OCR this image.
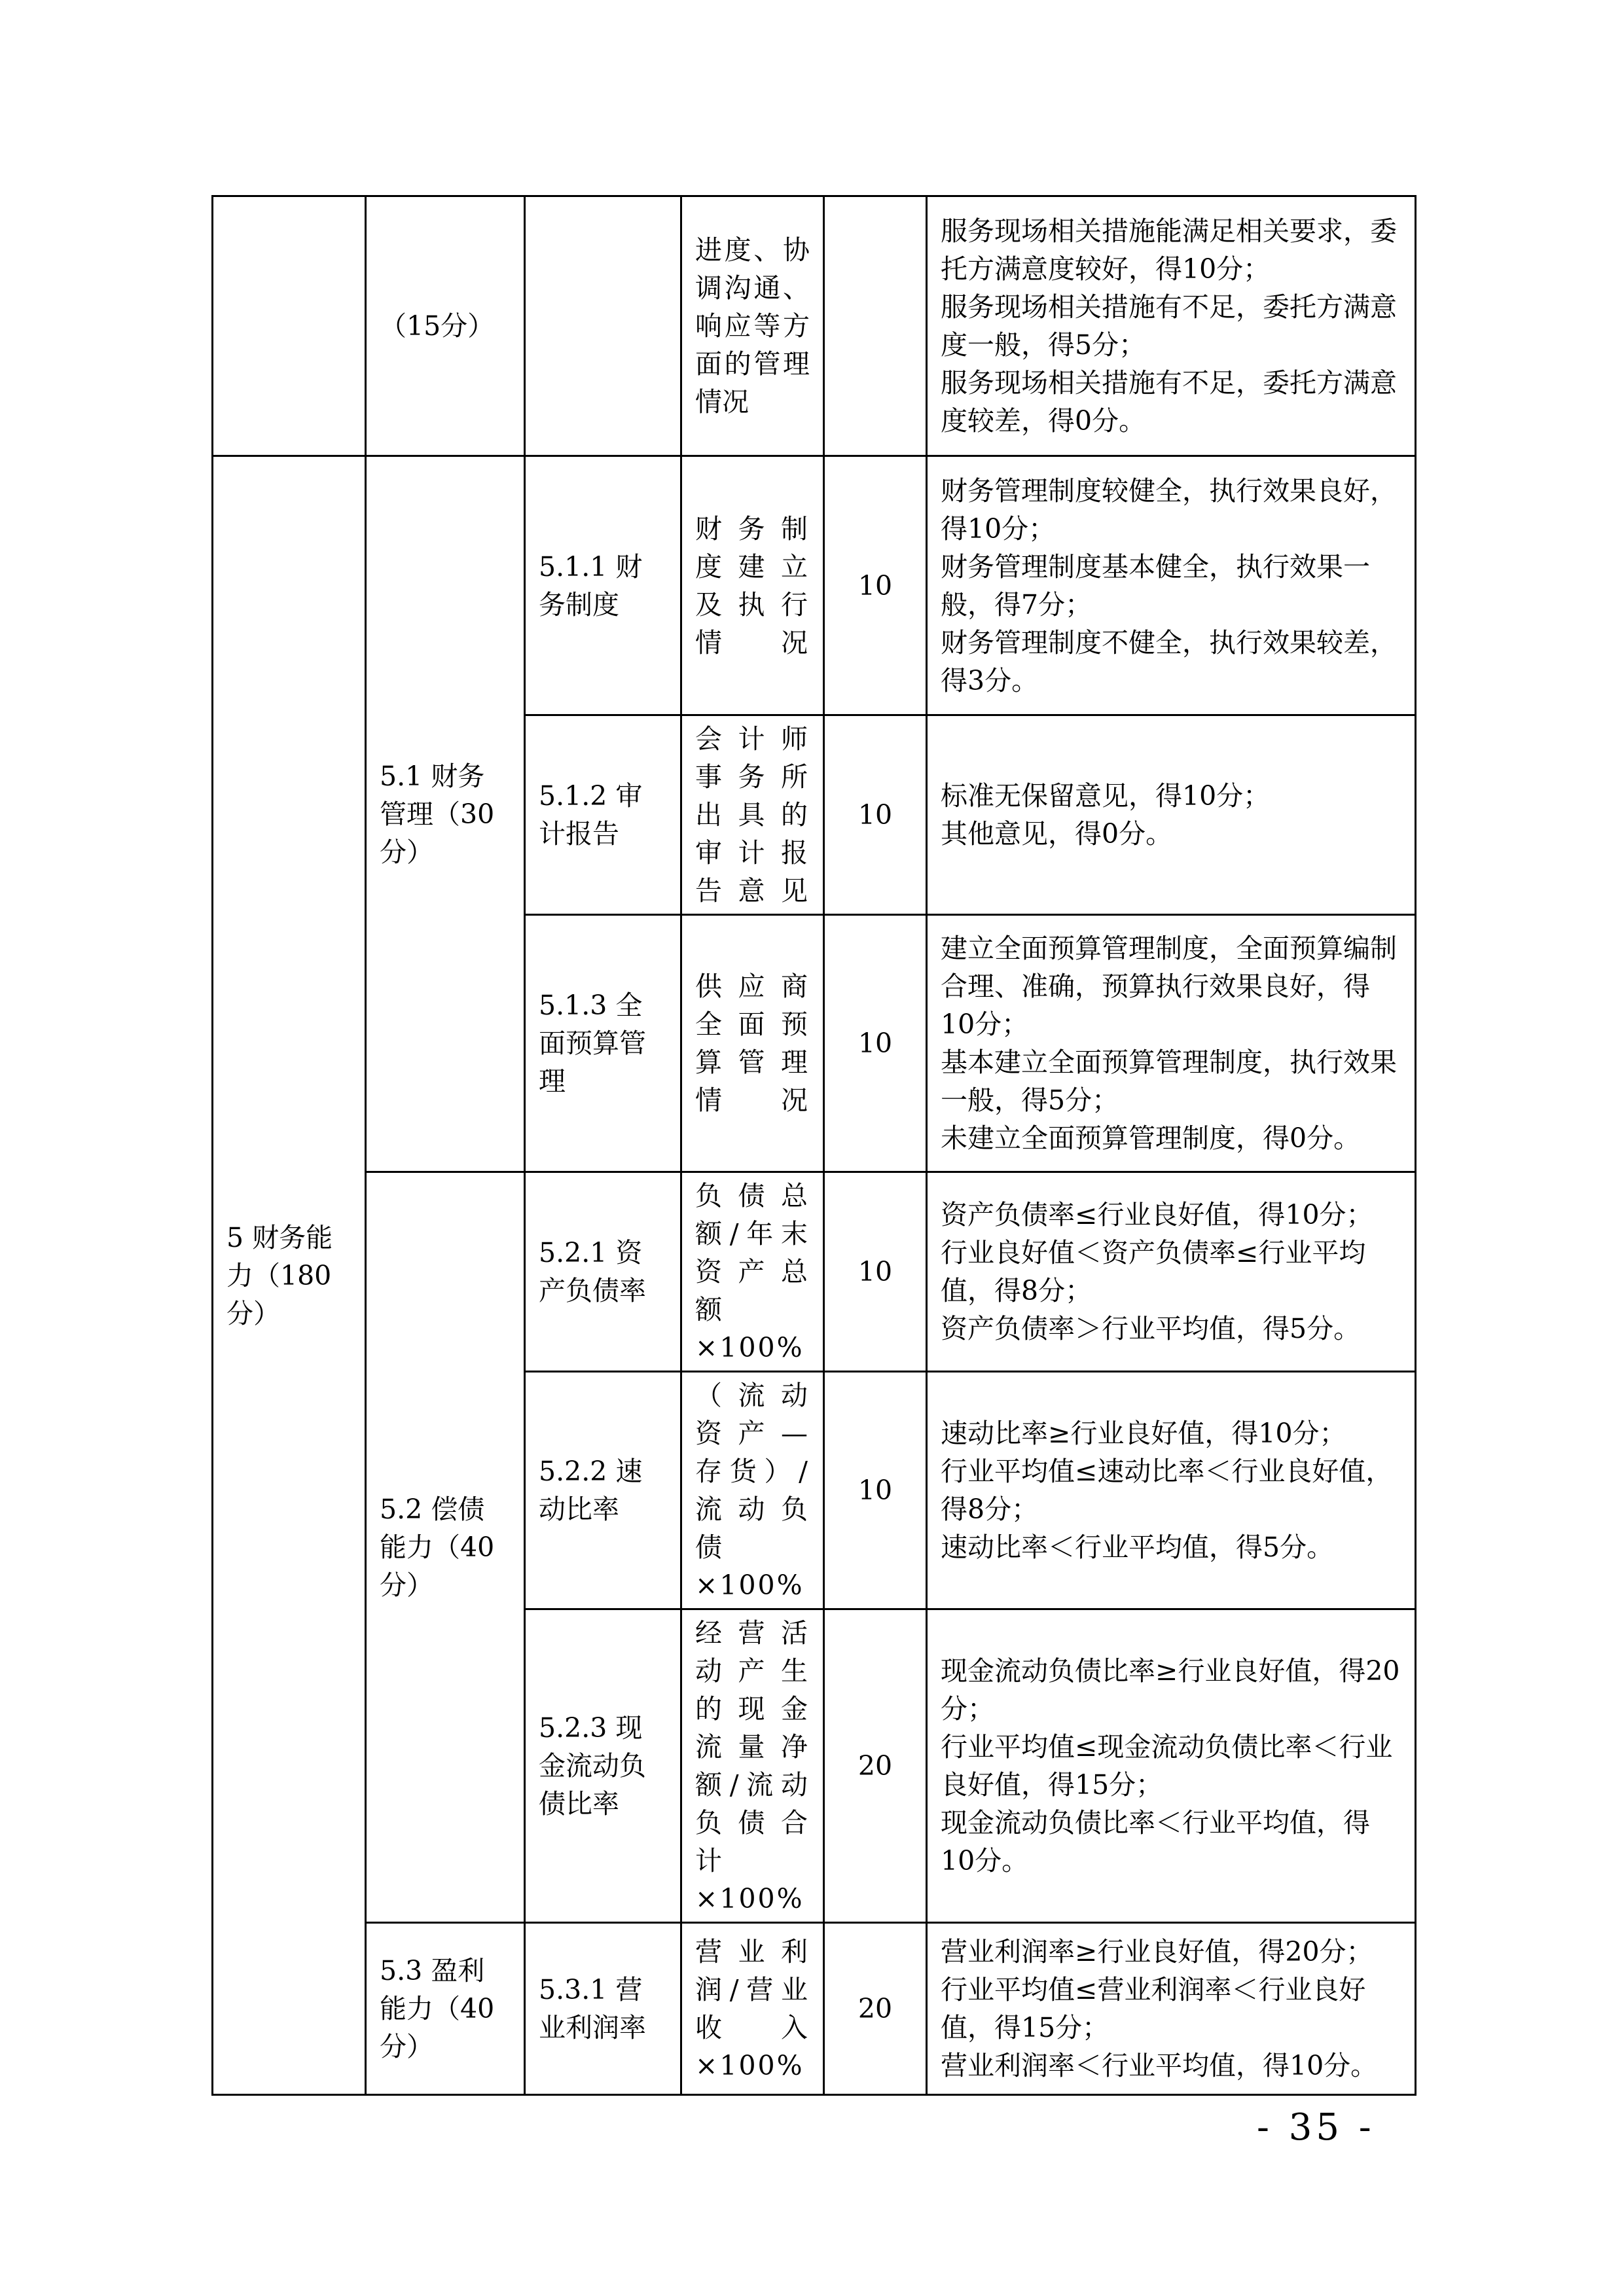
	（15分）		进度、协调沟通、响应等方面的管理情况		服务现场相关措施能满足相关要求，委托方满意度较好，得10分；
服务现场相关措施有不足，委托方满意度一般，得5分；
服务现场相关措施有不足，委托方满意度较差，得0分。

5 财务能力（180分）	5.1 财务管理（30分）	5.1.1 财务制度	财务制度建立及执行情况	10	财务管理制度较健全，执行效果良好，得10分；
财务管理制度基本健全，执行效果一般，得7分；
财务管理制度不健全，执行效果较差，得3分。

		5.1.2 审计报告	会计师事务所出具的审计报告意见	10	标准无保留意见，得10分；
其他意见，得0分。

		5.1.3 全面预算管理	供应商全面预算管理情况	10	建立全面预算管理制度，全面预算编制合理、准确，预算执行效果良好，得10分；
基本建立全面预算管理制度，执行效果一般，得5分；
未建立全面预算管理制度，得0分。

	5.2 偿债能力（40分）	5.2.1 资产负债率	负债总额/年末资产总额×100%	10	资产负债率≤行业良好值，得10分；
行业良好值＜资产负债率≤行业平均值，得8分；
资产负债率＞行业平均值，得5分。

		5.2.2 速动比率	（流动资产—存货）/流动负债×100%	10	速动比率≥行业良好值，得10分；
行业平均值≤速动比率＜行业良好值，得8分；
速动比率＜行业平均值，得5分。

		5.2.3 现金流动负债比率	经营活动产生的现金流量净额/流动负债合计×100%	20	现金流动负债比率≥行业良好值，得20分；
行业平均值≤现金流动负债比率＜行业良好值，得15分；
现金流动负债比率＜行业平均值，得10分。

	5.3 盈利能力（40分）	5.3.1 营业利润率	营业利润/营业收入×100%	20	营业利润率≥行业良好值，得20分；
行业平均值≤营业利润率＜行业良好值，得15分；
营业利润率＜行业平均值，得10分。
- 35 -
